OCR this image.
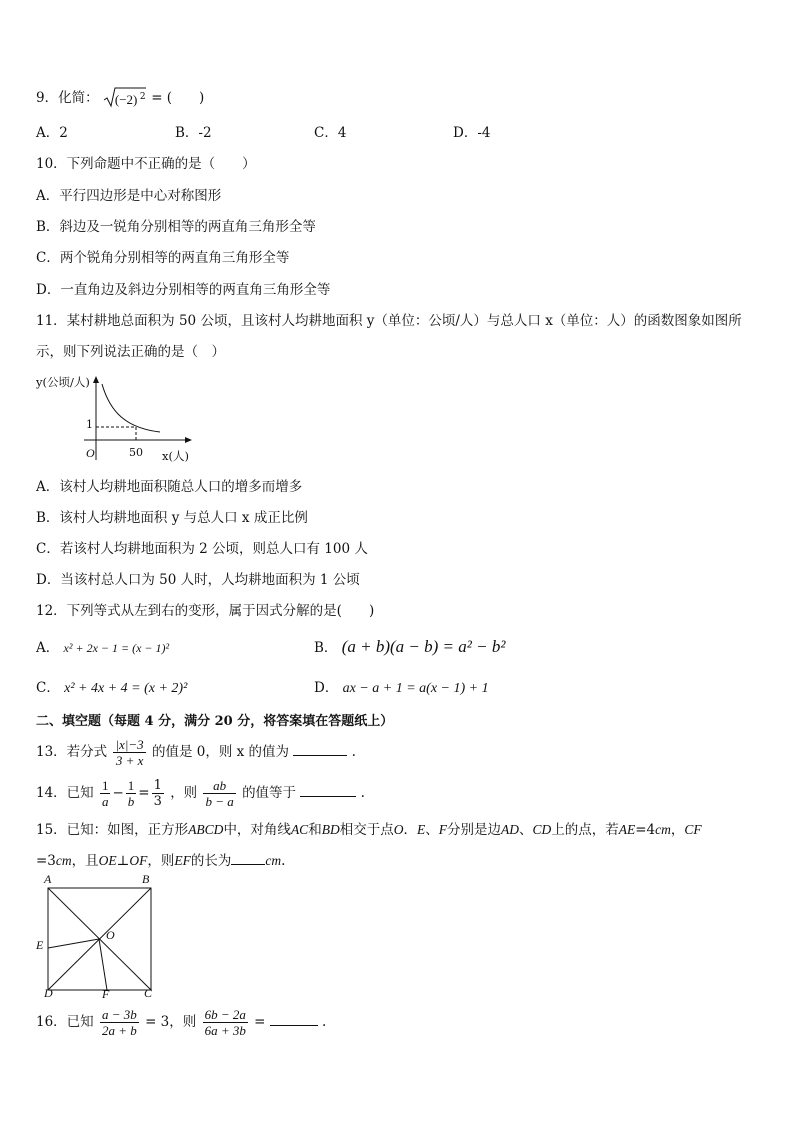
9．化简： (−2) 2 = (　　)
A．2	B．-2	C．4	D．-4
10．下列命题中不正确的是（　　）
A．平行四边形是中心对称图形
B．斜边及一锐角分别相等的两直角三角形全等
C．两个锐角分别相等的两直角三角形全等
D．一直角边及斜边分别相等的两直角三角形全等
11．某村耕地总面积为 50 公顷，且该村人均耕地面积 y（单位：公顷/人）与总人口 x（单位：人）的函数图象如图所
示，则下列说法正确的是（　）
y(公顷/人)
1
O	50 x(人)
A．该村人均耕地面积随总人口的增多而增多
B．该村人均耕地面积 y 与总人口 x 成正比例
C．若该村人均耕地面积为 2 公顷，则总人口有 100 人
D．当该村总人口为 50 人时，人均耕地面积为 1 公顷
12．下列等式从左到右的变形，属于因式分解的是(　　)
A． x² + 2x − 1 = (x − 1)²	B． (a + b)(a − b) = a² − b²
C． x² + 4x + 4 = (x + 2)²	D． ax − a + 1 = a(x − 1) + 1
二、填空题（每题 4 分，满分 20 分，将答案填在答题纸上）
13．若分式 $\frac{|x|-3}{3 + x}$ 的值是 0，则 x 的值为	.
14．已知 $\frac{1}{a} - \frac{1}{b} = \frac{1}{3}$ ，则 $\frac{ab}{b - a}$ 的值等于	.
15．已知：如图，正方形ABCD中，对角线AC和BD相交于点O．E、F分别是边AD、CD上的点，若AE=4cm，CF
=3cm，且OE⊥OF，则EF的长为	cm.
A	B
E
O
D	F	C
16．已知 $\frac{a - 3b}{2a + b} = 3$，则 $\frac{6b - 2a}{6a + 3b}$ =	.
